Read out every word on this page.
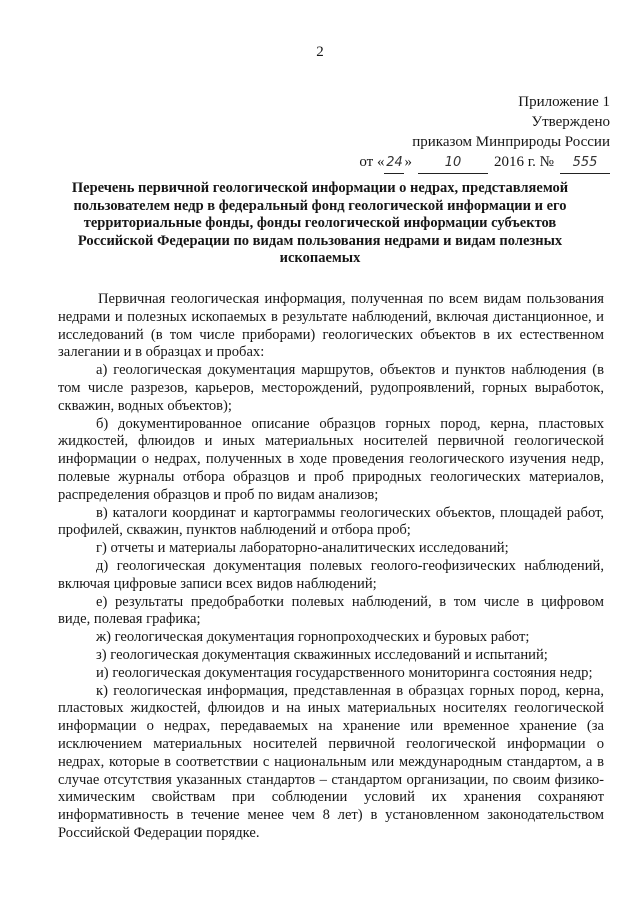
2
Приложение 1
Утверждено
приказом Минприроды России
от « 24 »	10 2016 г. № 555
Перечень первичной геологической информации о недрах, представляемой пользователем недр в федеральный фонд геологической информации и его территориальные фонды, фонды геологической информации субъектов Российской Федерации по видам пользования недрами и видам полезных ископаемых

Первичная геологическая информация, полученная по всем видам пользования недрами и полезных ископаемых в результате наблюдений, включая дистанционное, и исследований (в том числе приборами) геологических объектов в их естественном залегании и в образцах и пробах:

а) геологическая документация маршрутов, объектов и пунктов наблюдения (в том числе разрезов, карьеров, месторождений, рудопроявлений, горных выработок, скважин, водных объектов);

б) документированное описание образцов горных пород, керна, пластовых жидкостей, флюидов и иных материальных носителей первичной геологической информации о недрах, полученных в ходе проведения геологического изучения недр, полевые журналы отбора образцов и проб природных геологических материалов, распределения образцов и проб по видам анализов;

в) каталоги координат и картограммы геологических объектов, площадей работ, профилей, скважин, пунктов наблюдений и отбора проб;

г) отчеты и материалы лабораторно-аналитических исследований;

д) геологическая документация полевых геолого-геофизических наблюдений, включая цифровые записи всех видов наблюдений;

е) результаты предобработки полевых наблюдений, в том числе в цифровом виде, полевая графика;

ж) геологическая документация горнопроходческих и буровых работ;

з) геологическая документация скважинных исследований и испытаний;

и) геологическая документация государственного мониторинга состояния недр;

к) геологическая информация, представленная в образцах горных пород, керна, пластовых жидкостей, флюидов и на иных материальных носителях геологической информации о недрах, передаваемых на хранение или временное хранение (за исключением материальных носителей первичной геологической информации о недрах, которые в соответствии с национальным или международным стандартом, а в случае отсутствия указанных стандартов – стандартом организации, по своим физико-химическим свойствам при соблюдении условий их хранения сохраняют информативность в течение менее чем 8 лет) в установленном законодательством Российской Федерации порядке.
